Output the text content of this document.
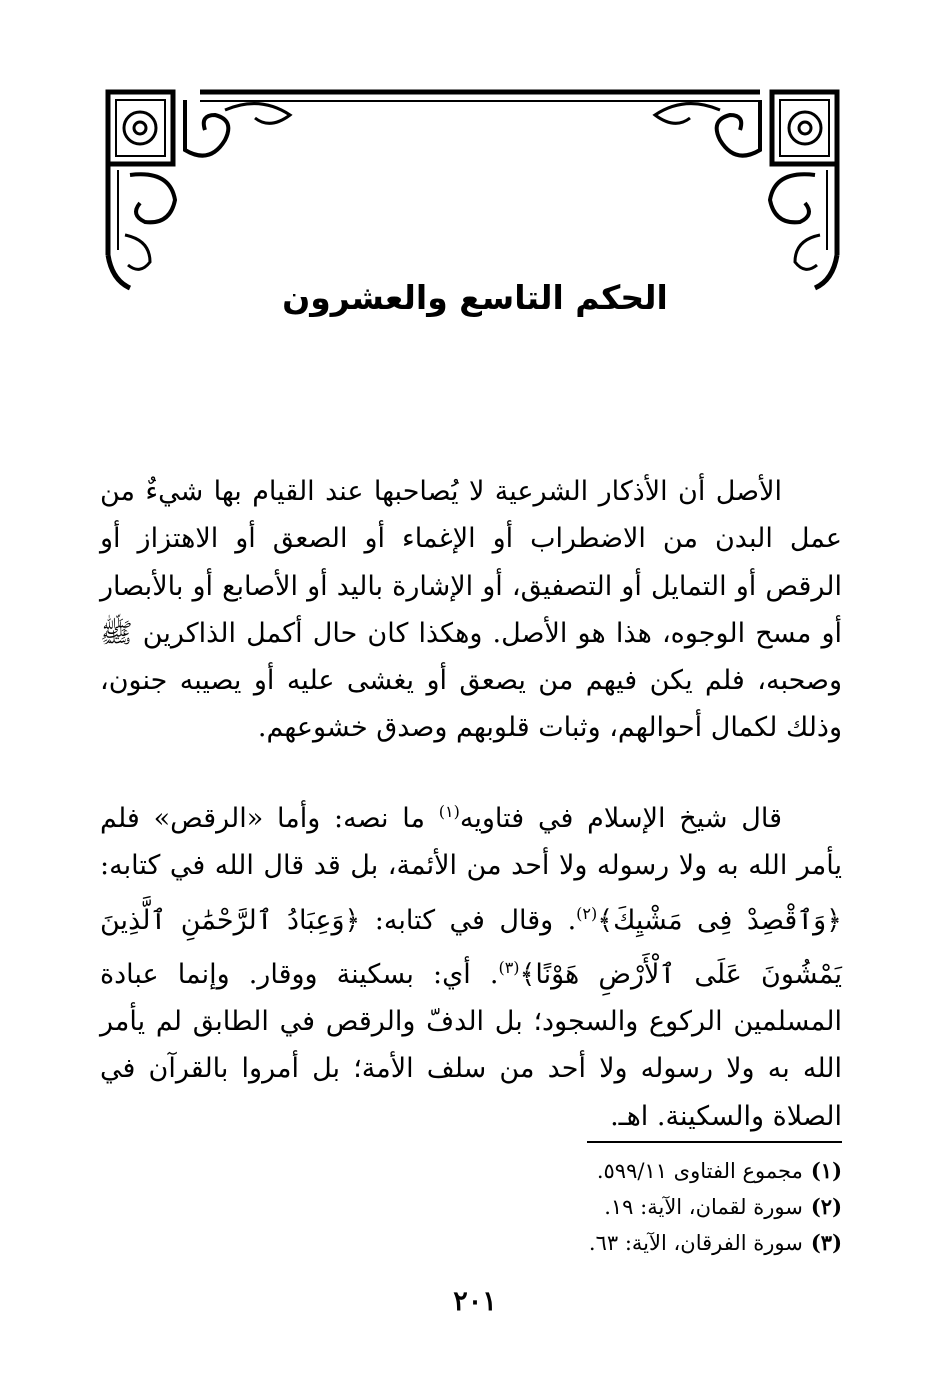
الحكم التاسع والعشرون

الأصل أن الأذكار الشرعية لا يُصاحبها عند القيام بها شيءٌ من عمل البدن من الاضطراب أو الإغماء أو الصعق أو الاهتزاز أو الرقص أو التمايل أو التصفيق، أو الإشارة باليد أو الأصابع أو بالأبصار أو مسح الوجوه، هذا هو الأصل. وهكذا كان حال أكمل الذاكرين ﷺ وصحبه، فلم يكن فيهم من يصعق أو يغشى عليه أو يصيبه جنون، وذلك لكمال أحوالهم، وثبات قلوبهم وصدق خشوعهم.

قال شيخ الإسلام في فتاويه$^{(١)}$ ما نصه: وأما «الرقص» فلم يأمر الله به ولا رسوله ولا أحد من الأئمة، بل قد قال الله في كتابه: ﴿وَٱقْصِدْ فِى مَشْيِكَ﴾$^{(٢)}$. وقال في كتابه: ﴿وَعِبَادُ ٱلرَّحْمَٰنِ ٱلَّذِينَ يَمْشُونَ عَلَى ٱلْأَرْضِ هَوْنًا﴾$^{(٣)}$. أي: بسكينة ووقار. وإنما عبادة المسلمين الركوع والسجود؛ بل الدفّ والرقص في الطابق لم يأمر الله به ولا رسوله ولا أحد من سلف الأمة؛ بل أمروا بالقرآن في الصلاة والسكينة. اهـ.

(١)مجموع الفتاوى ٥٩٩/١١.
(٢)سورة لقمان، الآية: ١٩.
(٣)سورة الفرقان، الآية: ٦٣.
٢٠١
